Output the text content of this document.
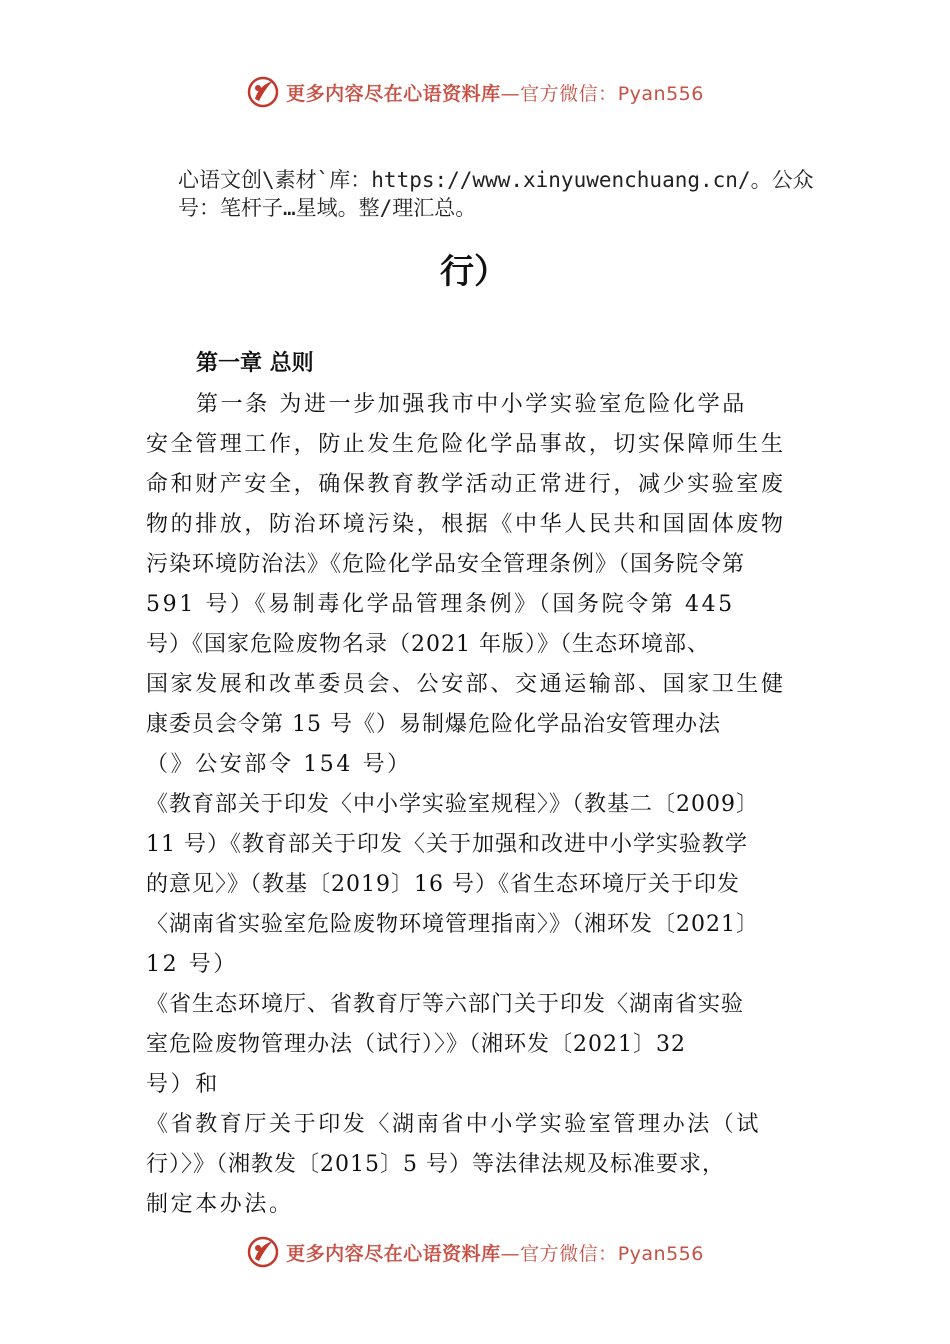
更多内容尽在心语资料库—官方微信：Pyan556
心语文创\素材`库：https://www.xinyuwenchuang.cn/。公众号：笔杆子…星域。整/理汇总。
行）
第一章 总则
第一条 为进一步加强我市中小学实验室危险化学品
安全管理工作，防止发生危险化学品事故，切实保障师生生
命和财产安全，确保教育教学活动正常进行，减少实验室废
物的排放，防治环境污染，根据《中华人民共和国固体废物
污染环境防治法》《危险化学品安全管理条例》（国务院令第
591 号）《易制毒化学品管理条例》（国务院令第 445
号）《国家危险废物名录（2021 年版）》（生态环境部、
国家发展和改革委员会、公安部、交通运输部、国家卫生健
康委员会令第 15 号《）易制爆危险化学品治安管理办法
（》公安部令 154 号）
《教育部关于印发〈中小学实验室规程〉》（教基二〔2009〕
11 号）《教育部关于印发〈关于加强和改进中小学实验教学
的意见〉》（教基〔2019〕16 号）《省生态环境厅关于印发
〈湖南省实验室危险废物环境管理指南〉》（湘环发〔2021〕
12 号）
《省生态环境厅、省教育厅等六部门关于印发〈湖南省实验
室危险废物管理办法（试行）〉》（湘环发〔2021〕32
号）和
《省教育厅关于印发〈湖南省中小学实验室管理办法（试
行）〉》（湘教发〔2015〕5 号）等法律法规及标准要求，
制定本办法。
更多内容尽在心语资料库—官方微信：Pyan556
